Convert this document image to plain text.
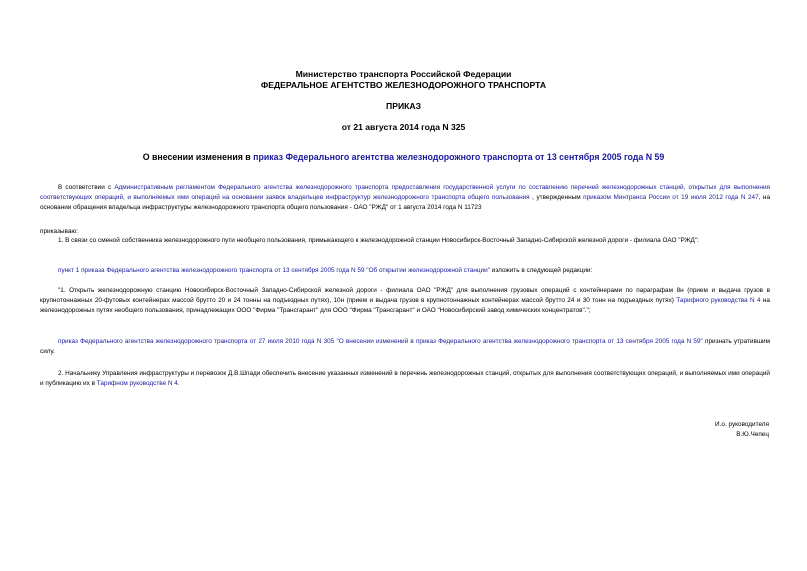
Министерство транспорта Российской Федерации
ФЕДЕРАЛЬНОЕ АГЕНТСТВО ЖЕЛЕЗНОДОРОЖНОГО ТРАНСПОРТА
ПРИКАЗ
от 21 августа 2014 года N 325
О внесении изменения в приказ Федерального агентства железнодорожного транспорта от 13 сентября 2005 года N 59
В соответствии с Административным регламентом Федерального агентства железнодорожного транспорта предоставления государственной услуги по составлению перечней железнодорожных станций, открытых для выполнения соответствующих операций, и выполняемых ими операций на основании заявок владельцев инфраструктур железнодорожного транспорта общего пользования , утвержденным приказом Минтранса России от 19 июля 2012 года N 247, на основании обращения владельца инфраструктуры железнодорожного транспорта общего пользования - ОАО "РЖД" от 1 августа 2014 года N 11723
приказываю:
1. В связи со сменой собственника железнодорожного пути необщего пользования, примыкающего к железнодорожной станции Новосибирск-Восточный Западно-Сибирской железной дороги - филиала ОАО "РЖД":
пункт 1 приказа Федерального агентства железнодорожного транспорта от 13 сентября 2005 года N 59 "Об открытии железнодорожной станции" изложить в следующей редакции:
"1. Открыть железнодорожную станцию Новосибирск-Восточный Западно-Сибирской железной дороги - филиала ОАО "РЖД" для выполнения грузовых операций с контейнерами по параграфам 8н (прием и выдача грузов в крупнотоннажных 20-футовых контейнерах массой брутто 20 и 24 тонны на подъездных путях), 10н (прием и выдача грузов в крупнотоннажных контейнерах массой брутто 24 и 30 тонн на подъездных путях) Тарифного руководства N 4 на железнодорожных путях необщего пользования, принадлежащих ООО "Фирма "Трансгарант" для ООО "Фирма "Трансгарант" и ОАО "Новосибирский завод химических концентратов".";
приказ Федерального агентства железнодорожного транспорта от 27 июля 2010 года N 305 "О внесении изменений в приказ Федерального агентства железнодорожного транспорта от 13 сентября 2005 года N 59" признать утратившим силу.
2. Начальнику Управления инфраструктуры и перевозок Д.В.Шпади обеспечить внесение указанных изменений в перечень железнодорожных станций, открытых для выполнения соответствующих операций, и выполняемых ими операций и публикацию их в Тарифном руководстве N 4.
И.о. руководителя
В.Ю.Чепец
